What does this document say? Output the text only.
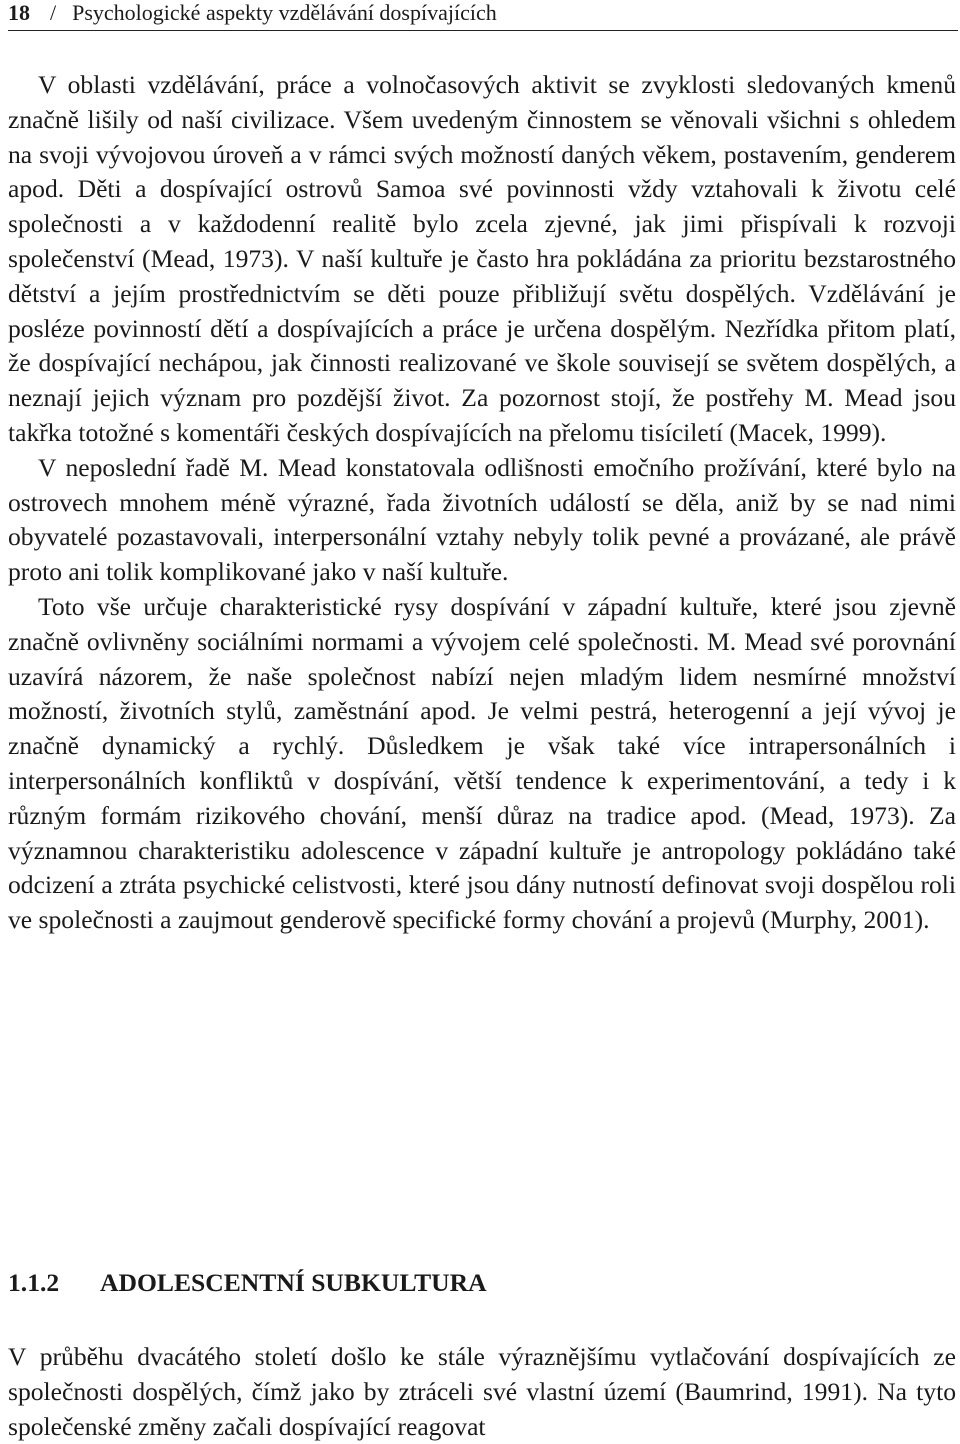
18 / Psychologické aspekty vzdělávání dospívajících

V oblasti vzdělávání, práce a volnočasových aktivit se zvyklosti sledovaných kmenů značně lišily od naší civilizace. Všem uvedeným činnostem se věnovali všichni s ohledem na svoji vývojovou úroveň a v rámci svých možností daných věkem, postavením, genderem apod. Děti a dospívající ostrovů Samoa své povinnosti vždy vztahovali k životu celé společnosti a v každodenní realitě bylo zcela zjevné, jak jimi přispívali k rozvoji společenství (Mead, 1973). V naší kultuře je často hra pokládána za prioritu bezstarostného dětství a jejím prostřednictvím se děti pouze přibližují světu dospělých. Vzdělávání je posléze povinností dětí a dospívajících a práce je určena dospělým. Nezřídka přitom platí, že dospívající nechápou, jak činnosti realizované ve škole souvisejí se světem dospělých, a neznají jejich význam pro pozdější život. Za pozornost stojí, že postřehy M. Mead jsou takřka totožné s komentáři českých dospívajících na přelomu tisíciletí (Macek, 1999).

V neposlední řadě M. Mead konstatovala odlišnosti emočního prožívání, které bylo na ostrovech mnohem méně výrazné, řada životních událostí se děla, aniž by se nad nimi obyvatelé pozastavovali, interpersonální vztahy nebyly tolik pevné a provázané, ale právě proto ani tolik komplikované jako v naší kultuře.

Toto vše určuje charakteristické rysy dospívání v západní kultuře, které jsou zjevně značně ovlivněny sociálními normami a vývojem celé společnosti. M. Mead své porovnání uzavírá názorem, že naše společnost nabízí nejen mladým lidem nesmírné množství možností, životních stylů, zaměstnání apod. Je velmi pestrá, heterogenní a její vývoj je značně dynamický a rychlý. Důsledkem je však také více intrapersonálních i interpersonálních konfliktů v dospívání, větší tendence k experimentování, a tedy i k různým formám rizikového chování, menší důraz na tradice apod. (Mead, 1973). Za významnou charakteristiku adolescence v západní kultuře je antropology pokládáno také odcizení a ztráta psychické celistvosti, které jsou dány nutností definovat svoji dospělou roli ve společnosti a zaujmout genderově specifické formy chování a projevů (Murphy, 2001).

1.1.2 ADOLESCENTNÍ SUBKULTURA

V průběhu dvacátého století došlo ke stále výraznějšímu vytlačování dospívajících ze společnosti dospělých, čímž jako by ztráceli své vlastní území (Baumrind, 1991). Na tyto společenské změny začali dospívající reagovat
